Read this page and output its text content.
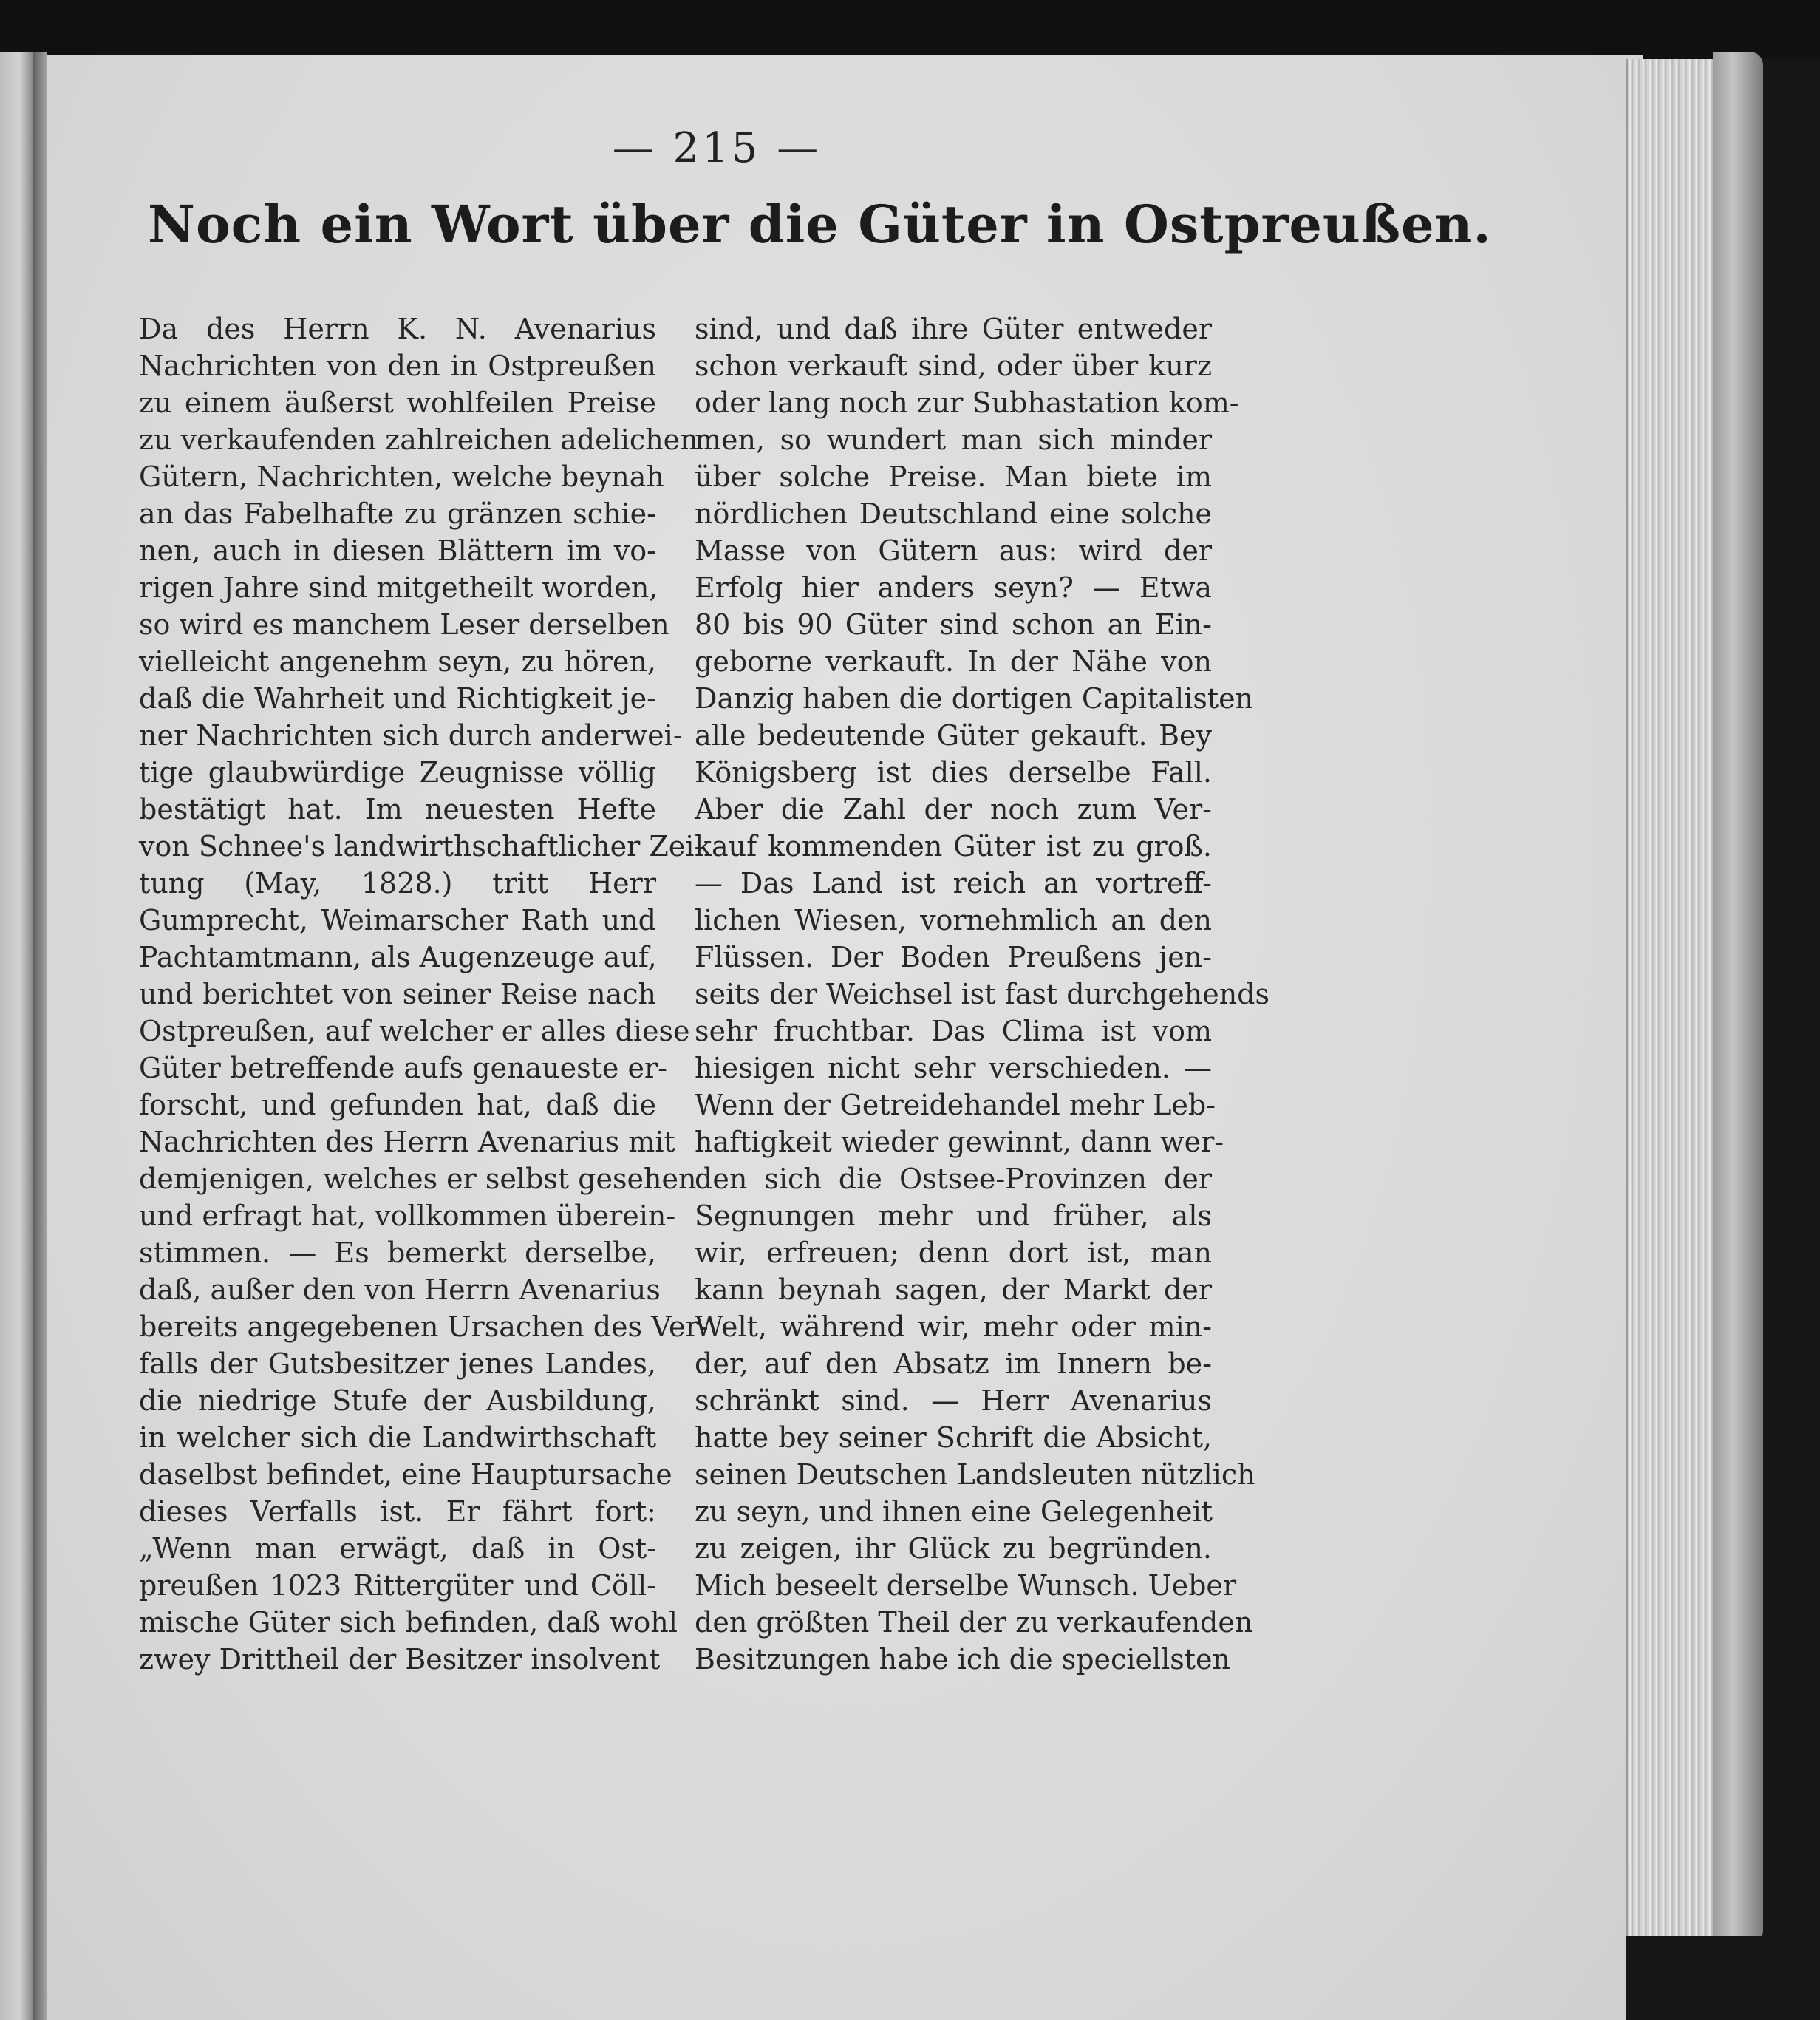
— 215 —
Noch ein Wort über die Güter in Ostpreußen.
Da des Herrn K. N. Avenarius
Nachrichten von den in Ostpreußen
zu einem äußerst wohlfeilen Preise
zu verkaufenden zahlreichen adelichen
Gütern, Nachrichten, welche beynah
an das Fabelhafte zu gränzen schie-
nen, auch in diesen Blättern im vo-
rigen Jahre sind mitgetheilt worden,
so wird es manchem Leser derselben
vielleicht angenehm seyn, zu hören,
daß die Wahrheit und Richtigkeit je-
ner Nachrichten sich durch anderwei-
tige glaubwürdige Zeugnisse völlig
bestätigt hat. Im neuesten Hefte
von Schnee's landwirthschaftlicher Zei-
tung (May, 1828.) tritt Herr
Gumprecht, Weimarscher Rath und
Pachtamtmann, als Augenzeuge auf,
und berichtet von seiner Reise nach
Ostpreußen, auf welcher er alles diese
Güter betreffende aufs genaueste er-
forscht, und gefunden hat, daß die
Nachrichten des Herrn Avenarius mit
demjenigen, welches er selbst gesehen
und erfragt hat, vollkommen überein-
stimmen. — Es bemerkt derselbe,
daß, außer den von Herrn Avenarius
bereits angegebenen Ursachen des Ver-
falls der Gutsbesitzer jenes Landes,
die niedrige Stufe der Ausbildung,
in welcher sich die Landwirthschaft
daselbst befindet, eine Hauptursache
dieses Verfalls ist. Er fährt fort:
„Wenn man erwägt, daß in Ost-
preußen 1023 Rittergüter und Cöll-
mische Güter sich befinden, daß wohl
zwey Drittheil der Besitzer insolvent
sind, und daß ihre Güter entweder
schon verkauft sind, oder über kurz
oder lang noch zur Subhastation kom-
men, so wundert man sich minder
über solche Preise. Man biete im
nördlichen Deutschland eine solche
Masse von Gütern aus: wird der
Erfolg hier anders seyn? — Etwa
80 bis 90 Güter sind schon an Ein-
geborne verkauft. In der Nähe von
Danzig haben die dortigen Capitalisten
alle bedeutende Güter gekauft. Bey
Königsberg ist dies derselbe Fall.
Aber die Zahl der noch zum Ver-
kauf kommenden Güter ist zu groß.
— Das Land ist reich an vortreff-
lichen Wiesen, vornehmlich an den
Flüssen. Der Boden Preußens jen-
seits der Weichsel ist fast durchgehends
sehr fruchtbar. Das Clima ist vom
hiesigen nicht sehr verschieden. —
Wenn der Getreidehandel mehr Leb-
haftigkeit wieder gewinnt, dann wer-
den sich die Ostsee-Provinzen der
Segnungen mehr und früher, als
wir, erfreuen; denn dort ist, man
kann beynah sagen, der Markt der
Welt, während wir, mehr oder min-
der, auf den Absatz im Innern be-
schränkt sind. — Herr Avenarius
hatte bey seiner Schrift die Absicht,
seinen Deutschen Landsleuten nützlich
zu seyn, und ihnen eine Gelegenheit
zu zeigen, ihr Glück zu begründen.
Mich beseelt derselbe Wunsch. Ueber
den größten Theil der zu verkaufenden
Besitzungen habe ich die speciellsten
